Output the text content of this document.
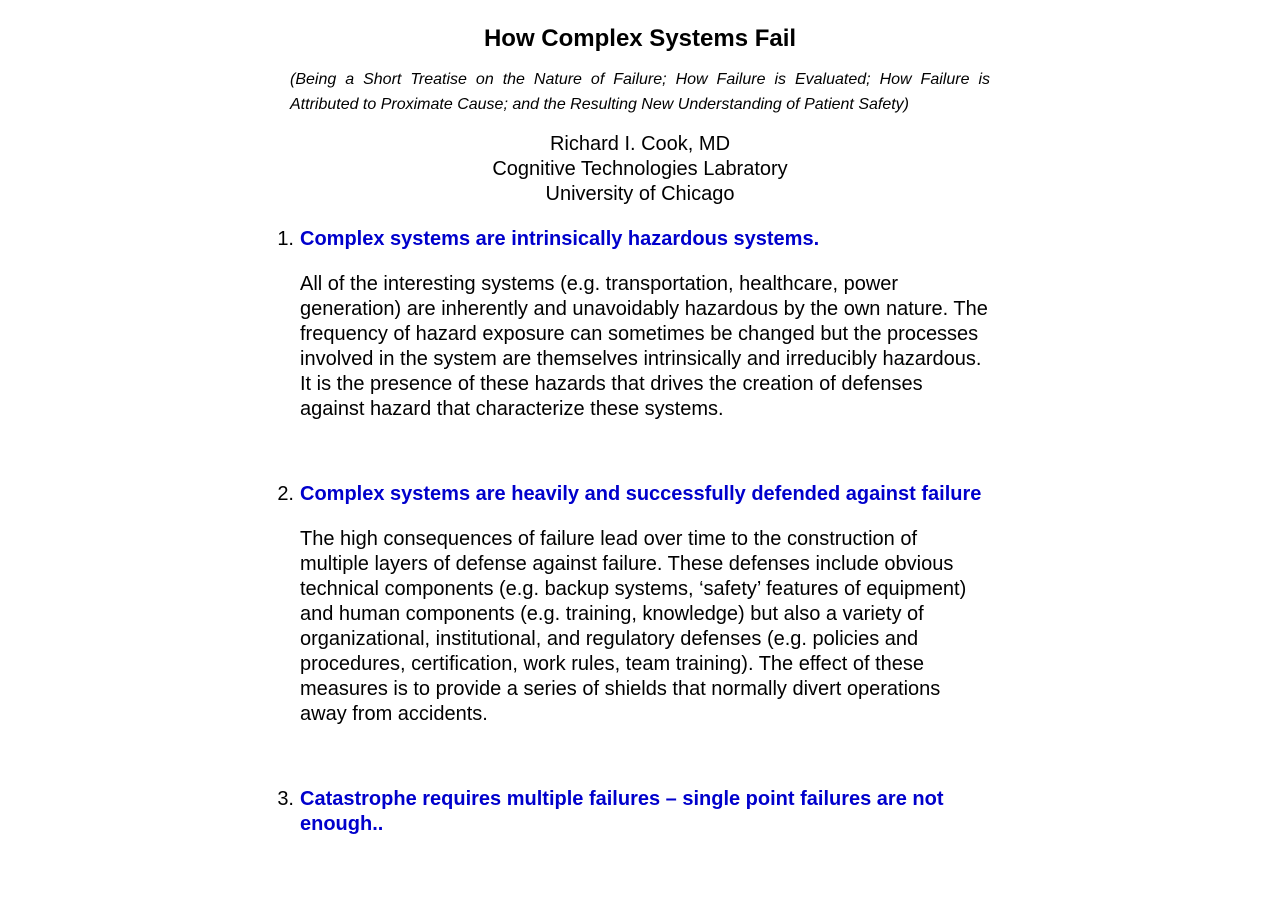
How Complex Systems Fail
(Being a Short Treatise on the Nature of Failure; How Failure is Evaluated; How Failure is Attributed to Proximate Cause; and the Resulting New Understanding of Patient Safety)
Richard I. Cook, MD
Cognitive Technologies Labratory
University of Chicago
1. Complex systems are intrinsically hazardous systems.
All of the interesting systems (e.g. transportation, healthcare, power generation) are inherently and unavoidably hazardous by the own nature. The frequency of hazard exposure can sometimes be changed but the processes involved in the system are themselves intrinsically and irreducibly hazardous. It is the presence of these hazards that drives the creation of defenses against hazard that characterize these systems.
2. Complex systems are heavily and successfully defended against failure
The high consequences of failure lead over time to the construction of multiple layers of defense against failure. These defenses include obvious technical components (e.g. backup systems, ‘safety’ features of equipment) and human components (e.g. training, knowledge) but also a variety of organizational, institutional, and regulatory defenses (e.g. policies and procedures, certification, work rules, team training). The effect of these measures is to provide a series of shields that normally divert operations away from accidents.
3. Catastrophe requires multiple failures – single point failures are not enough..
